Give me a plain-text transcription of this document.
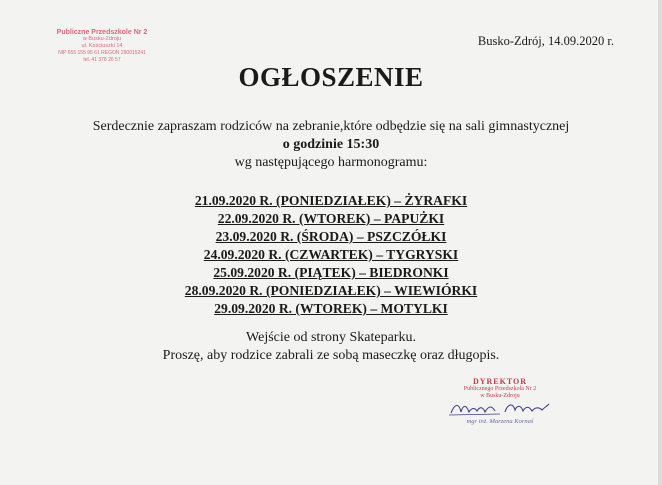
Publiczne Przedszkole Nr 2
w Busku-Zdroju
ul. Kościuszki 14
NIP 655 155 95 61 REGON 290015241
tel. 41 378 26 57
Busko-Zdrój, 14.09.2020 r.
OGŁOSZENIE
Serdecznie zapraszam rodziców na zebranie,które odbędzie się na sali gimnastycznej
o godzinie 15:30
wg następującego harmonogramu:
21.09.2020 R. (PONIEDZIAŁEK) – ŻYRAFKI
22.09.2020 R. (WTOREK) – PAPUŻKI
23.09.2020 R. (ŚRODA) – PSZCZÓŁKI
24.09.2020 R. (CZWARTEK) – TYGRYSKI
25.09.2020 R. (PIĄTEK) – BIEDRONKI
28.09.2020 R. (PONIEDZIAŁEK) – WIEWIÓRKI
29.09.2020 R. (WTOREK) – MOTYLKI
Wejście od strony Skateparku.
Proszę, aby rodzice zabrali ze sobą maseczkę oraz długopis.
DYREKTOR
Publicznego Przedszkola Nr 2
w Busku-Zdroju
mgr inż. Marzena Kornaś
